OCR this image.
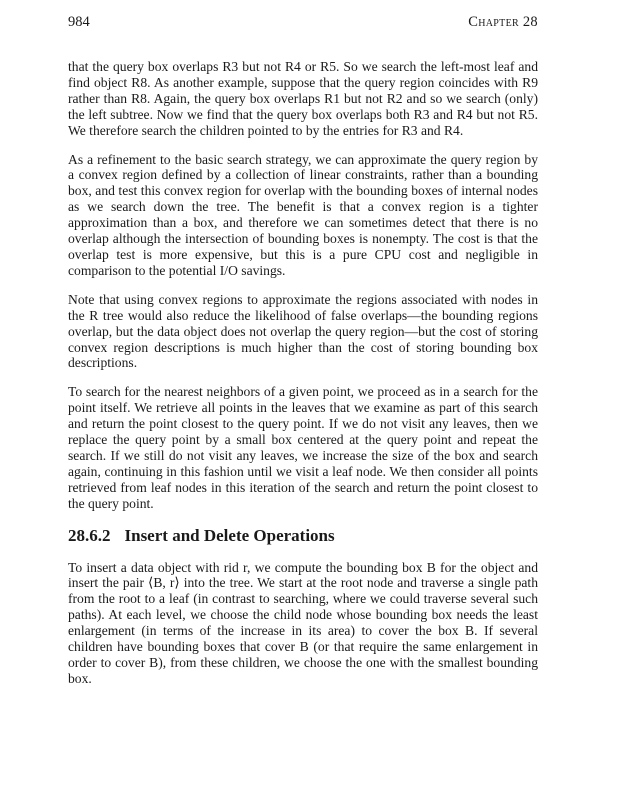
984	Chapter 28

that the query box overlaps R3 but not R4 or R5. So we search the left-most leaf and find object R8. As another example, suppose that the query region coincides with R9 rather than R8. Again, the query box overlaps R1 but not R2 and so we search (only) the left subtree. Now we find that the query box overlaps both R3 and R4 but not R5. We therefore search the children pointed to by the entries for R3 and R4.

As a refinement to the basic search strategy, we can approximate the query region by a convex region defined by a collection of linear constraints, rather than a bounding box, and test this convex region for overlap with the bounding boxes of internal nodes as we search down the tree. The benefit is that a convex region is a tighter approximation than a box, and therefore we can sometimes detect that there is no overlap although the intersection of bounding boxes is nonempty. The cost is that the overlap test is more expensive, but this is a pure CPU cost and negligible in comparison to the potential I/O savings.

Note that using convex regions to approximate the regions associated with nodes in the R tree would also reduce the likelihood of false overlaps—the bounding regions overlap, but the data object does not overlap the query region—but the cost of storing convex region descriptions is much higher than the cost of storing bounding box descriptions.

To search for the nearest neighbors of a given point, we proceed as in a search for the point itself. We retrieve all points in the leaves that we examine as part of this search and return the point closest to the query point. If we do not visit any leaves, then we replace the query point by a small box centered at the query point and repeat the search. If we still do not visit any leaves, we increase the size of the box and search again, continuing in this fashion until we visit a leaf node. We then consider all points retrieved from leaf nodes in this iteration of the search and return the point closest to the query point.

28.6.2 Insert and Delete Operations

To insert a data object with rid r, we compute the bounding box B for the object and insert the pair ⟨B, r⟩ into the tree. We start at the root node and traverse a single path from the root to a leaf (in contrast to searching, where we could traverse several such paths). At each level, we choose the child node whose bounding box needs the least enlargement (in terms of the increase in its area) to cover the box B. If several children have bounding boxes that cover B (or that require the same enlargement in order to cover B), from these children, we choose the one with the smallest bounding box.
